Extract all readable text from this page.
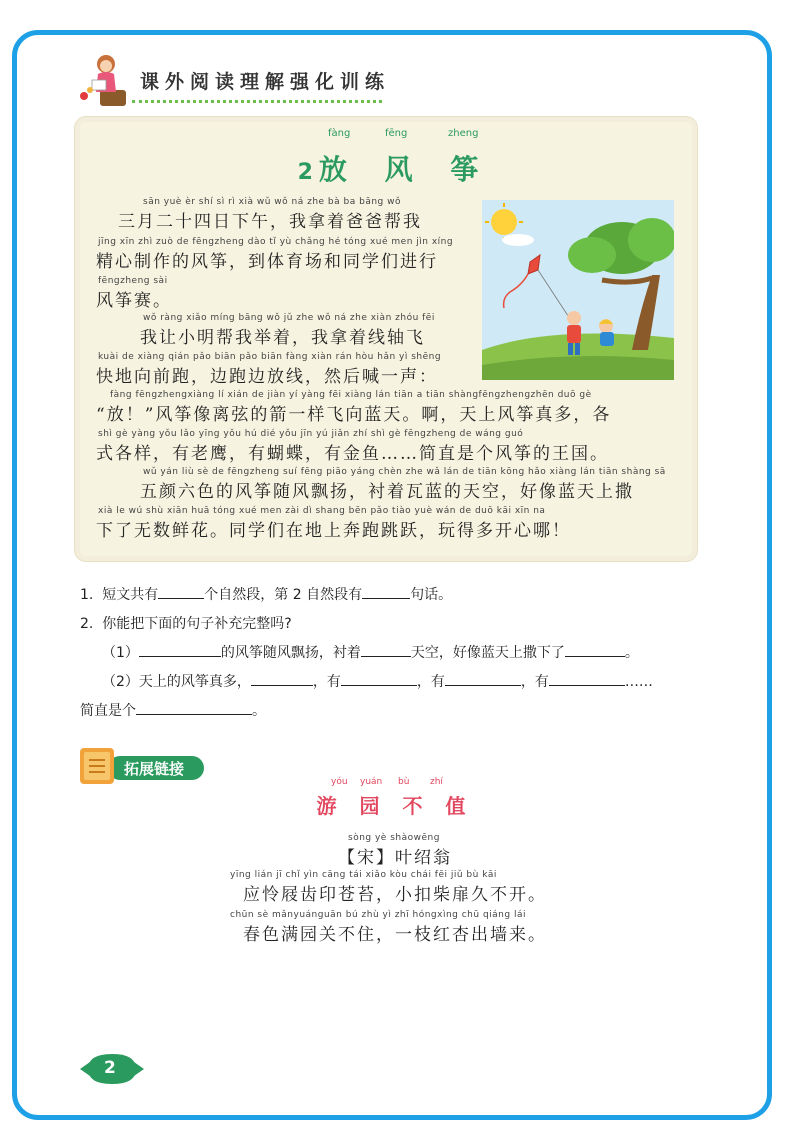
课外阅读理解强化训练
fàng	fēng	zheng
2 放 风 筝
sān yuè èr shí sì rì xià wǔ wǒ ná zhe bà ba bāng wǒ
三月二十四日下午，我拿着爸爸帮我
jīng xīn zhì zuò de fēngzheng dào tǐ yù chǎng hé tóng xué men jìn xíng
精心制作的风筝，到体育场和同学们进行
fēngzheng sài
风筝赛。
wǒ ràng xiǎo míng bāng wǒ jǔ zhe wǒ ná zhe xiàn zhóu fēi
我让小明帮我举着，我拿着线轴飞
kuài de xiàng qián pǎo biān pǎo biān fàng xiàn rán hòu hǎn yì shēng
快地向前跑，边跑边放线，然后喊一声：
fàng fēngzhengxiàng lí xián de jiàn yí yàng fēi xiàng lán tiān a tiān shàngfēngzhengzhēn duō gè
“放！”风筝像离弦的箭一样飞向蓝天。啊，天上风筝真多，各
shì gè yàng yǒu lǎo yīng yǒu hú dié yǒu jīn yú jiǎn zhí shì gè fēngzheng de wáng guó
式各样，有老鹰，有蝴蝶，有金鱼……简直是个风筝的王国。
wǔ yán liù sè de fēngzheng suí fēng piāo yáng chèn zhe wǎ lán de tiān kōng hǎo xiàng lán tiān shàng sā
五颜六色的风筝随风飘扬，衬着瓦蓝的天空，好像蓝天上撒
xià le wú shù xiān huā tóng xué men zài dì shang bēn pǎo tiào yuè wán de duō kāi xīn na
下了无数鲜花。同学们在地上奔跑跳跃，玩得多开心哪！
1. 短文共有	个自然段，第 2 自然段有	句话。
2. 你能把下面的句子补充完整吗?
（1）	的风筝随风飘扬，衬着	天空，好像蓝天上撒下了	。
（2）天上的风筝真多，	，有	，有	，有	……
简直是个	。
拓展链接
yóu yuán bù zhí
游 园 不 值
sòng yè shàowēng
【宋】叶绍翁
yīng lián jī chǐ yìn cāng tái xiǎo kòu chái fēi jiǔ bù kāi
应怜屐齿印苍苔，小扣柴扉久不开。
chūn sè mǎnyuánguān bú zhù yì zhī hóngxìng chū qiáng lái
春色满园关不住，一枝红杏出墙来。
2
